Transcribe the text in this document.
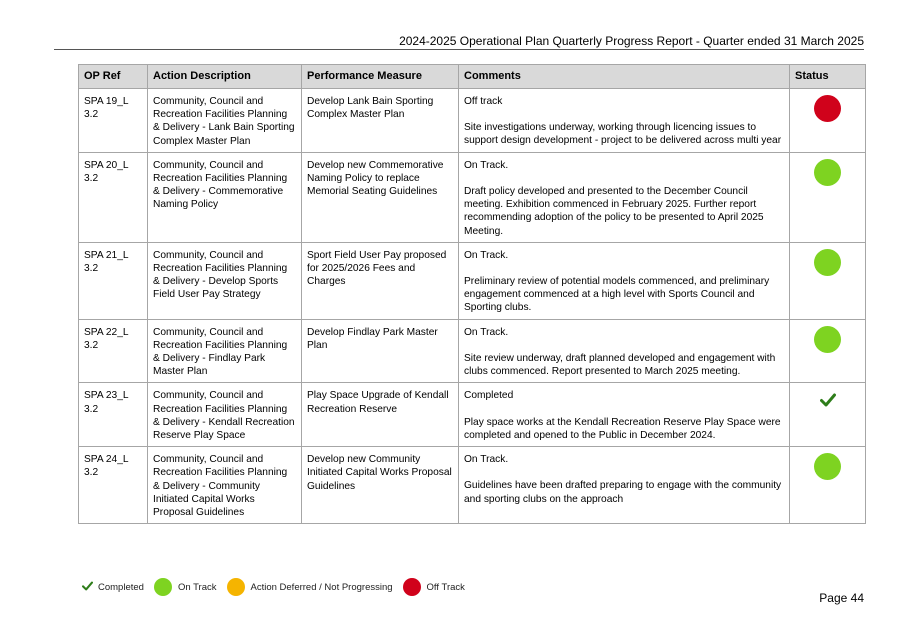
2024-2025 Operational Plan Quarterly Progress Report - Quarter ended 31 March 2025
OP Ref	Action Description	Performance Measure	Comments	Status
SPA 19_L 3.2	Community, Council and Recreation Facilities Planning & Delivery - Lank Bain Sporting Complex Master Plan	Develop Lank Bain Sporting Complex Master Plan	Off track
Site investigations underway, working through licencing issues to support design development - project to be delivered across multi year	
SPA 20_L 3.2	Community, Council and Recreation Facilities Planning & Delivery - Commemorative Naming Policy	Develop new Commemorative Naming Policy to replace Memorial Seating Guidelines	On Track.
Draft policy developed and presented to the December Council meeting. Exhibition commenced in February 2025. Further report recommending adoption of the policy to be presented to April 2025 Meeting.	
SPA 21_L 3.2	Community, Council and Recreation Facilities Planning & Delivery - Develop Sports Field User Pay Strategy	Sport Field User Pay proposed for 2025/2026 Fees and Charges	On Track.
Preliminary review of potential models commenced, and preliminary engagement commenced at a high level with Sports Council and Sporting clubs.	
SPA 22_L 3.2	Community, Council and Recreation Facilities Planning & Delivery - Findlay Park Master Plan	Develop Findlay Park Master Plan	On Track.
Site review underway, draft planned developed and engagement with clubs commenced. Report presented to March 2025 meeting.	
SPA 23_L 3.2	Community, Council and Recreation Facilities Planning & Delivery - Kendall Recreation Reserve Play Space	Play Space Upgrade of Kendall Recreation Reserve	Completed
Play space works at the Kendall Recreation Reserve Play Space were completed and opened to the Public in December 2024.	
SPA 24_L 3.2	Community, Council and Recreation Facilities Planning & Delivery - Community Initiated Capital Works Proposal Guidelines	Develop new Community Initiated Capital Works Proposal Guidelines	On Track.
Guidelines have been drafted preparing to engage with the community and sporting clubs on the approach	
Completed	On Track	Action Deferred / Not Progressing	Off Track
Page 44
